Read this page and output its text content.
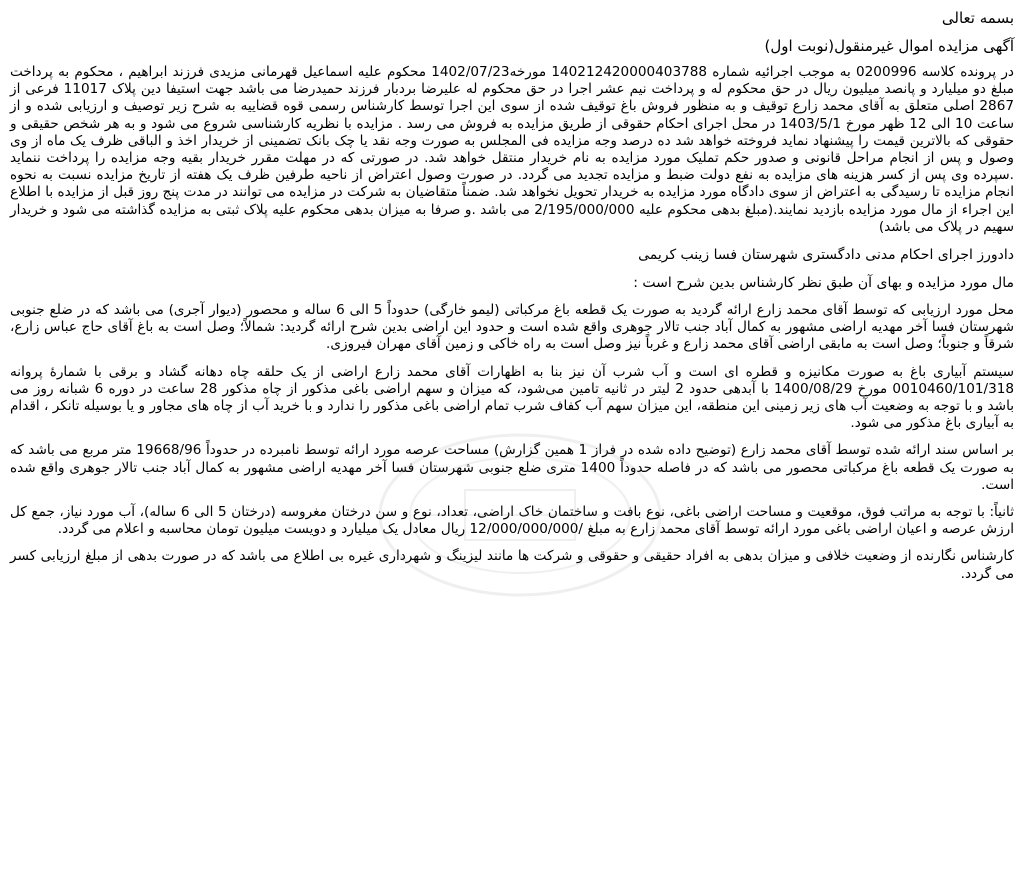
بسمه تعالی
آگهی مزایده اموال غیرمنقول(نوبت اول)

در پرونده کلاسه 0200996 به موجب اجرائیه شماره 140212420000403788 مورخه1402/07/23 محکوم علیه اسماعیل قهرمانی مزیدی فرزند ابراهیم ، محکوم به پرداخت مبلغ دو میلیارد و پانصد میلیون ریال در حق محکوم له و پرداخت نیم عشر اجرا در حق محکوم له علیرضا بردبار فرزند حمیدرضا می باشد جهت استیفا دین پلاک 11017 فرعی از 2867 اصلی متعلق به آقای محمد زارع توقیف و به منظور فروش باغ توقیف شده از سوی این اجرا توسط کارشناس رسمی قوه قضاییه به شرح زیر توصیف و ارزیابی شده و از ساعت 10 الی 12 ظهر مورخ 1403/5/1 در محل اجرای احکام حقوقی از طریق مزایده به فروش می رسد . مزایده با نظریه کارشناسی شروع می شود و به هر شخص حقیقی و حقوقی که بالاترین قیمت را پیشنهاد نماید فروخته خواهد شد ده درصد وجه مزایده فی المجلس به صورت وجه نقد یا چک بانک تضمینی از خریدار اخذ و الباقی ظرف یک ماه از وی وصول و پس از انجام مراحل قانونی و صدور حکم تملیک مورد مزایده به نام خریدار منتقل خواهد شد. در صورتی که در مهلت مقرر خریدار بقیه وجه مزایده را پرداخت ننماید .سپرده وی پس از کسر هزینه های مزایده به نفع دولت ضبط و مزایده تجدید می گردد. در صورت وصول اعتراض از ناحیه طرفین ظرف یک هفته از تاریخ مزایده نسبت به نحوه انجام مزایده تا رسیدگی به اعتراض از سوی دادگاه مورد مزایده به خریدار تحویل نخواهد شد. ضمناً متقاضیان به شرکت در مزایده می توانند در مدت پنج روز قبل از مزایده با اطلاع این اجراء از مال مورد مزایده بازدید نمایند.(مبلغ بدهی محکوم علیه 2/195/000/000 می باشد .و صرفا به میزان بدهی محکوم علیه پلاک ثبتی به مزایده گذاشته می شود و خریدار سهیم در پلاک می باشد)

دادورز اجرای احکام مدنی دادگستری شهرستان فسا زینب کریمی

مال مورد مزایده و بهای آن طبق نظر کارشناس بدین شرح است :

محل مورد ارزیابی که توسط آقای محمد زارع ارائه گردید به صورت یک قطعه باغ مرکباتی (لیمو خارگی) حدوداً 5 الی 6 ساله و محصور (دیوار آجری) می باشد که در ضلع جنوبی شهرستان فسا آخر مهدیه اراضی مشهور به کمال آباد جنب تالار جوهری واقع شده است و حدود این اراضی بدین شرح ارائه گردید: شمالاً؛ وصل است به باغ آقای حاج عباس زارع، شرقاً و جنوباً؛ وصل است به مابقی اراضی آقای محمد زارع و غرباً نیز وصل است به راه خاکی و زمین آقای مهران فیروزی.

سیستم آبیاری باغ به صورت مکانیزه و قطره ای است و آب شرب آن نیز بنا به اظهارات آقای محمد زارع اراضی از یک حلقه چاه دهانه گشاد و برقی با شمارهٔ پروانه 0010460/101/318 مورخ 1400/08/29 با آبدهی حدود 2 لیتر در ثانیه تامین می‌شود، که میزان و سهم اراضی باغی مذکور از چاه مذکور 28 ساعت در دوره 6 شبانه روز می باشد و با توجه به وضعیت آب های زیر زمینی این منطقه، این میزان سهم آب کفاف شرب تمام اراضی باغی مذکور را ندارد و با خرید آب از چاه های مجاور و یا بوسیله تانکر ، اقدام به آبیاری باغ مذکور می شود.

بر اساس سند ارائه شده توسط آقای محمد زارع (توضیح داده شده در فراز 1 همین گزارش) مساحت عرصه مورد ارائه توسط نامبرده در حدوداً 19668/96 متر مربع می باشد که به صورت یک قطعه باغ مرکباتی محصور می باشد که در فاصله حدوداً 1400 متری ضلع جنوبی شهرستان فسا آخر مهدیه اراضی مشهور به کمال آباد جنب تالار جوهری واقع شده است.

ثانیاً: با توجه به مراتب فوق، موقعیت و مساحت اراضی باغی، نوع بافت و ساختمان خاک اراضی، تعداد، نوع و سن درختان مغروسه (درختان 5 الی 6 ساله)، آب مورد نیاز، جمع کل ارزش عرصه و اعیان اراضی باغی مورد ارائه توسط آقای محمد زارع به مبلغ /12/000/000/000 ریال معادل یک میلیارد و دویست میلیون تومان محاسبه و اعلام می گردد.

کارشناس نگارنده از وضعیت خلافی و میزان بدهی به افراد حقیقی و حقوقی و شرکت ها مانند لیزینگ و شهرداری غیره بی اطلاع می باشد که در صورت بدهی از مبلغ ارزیابی کسر می گردد.
